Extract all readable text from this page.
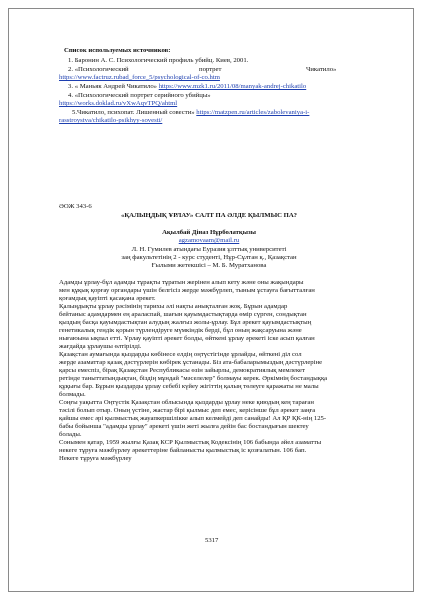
Список используемых источников:
1. Баронин А. С. Психологический профиль убийц. Киев, 2001.
2. «Психологический	портрет	Чикатило»
https://www.factruz.rubad_force_5/psychological-of-co.htm
3. « Маньяк Андрей Чикатило» https://www.mzk1.ru/2011/08/manyak-andrej-chikatilo
4. «Психологический портрет серийного убийцы»
https://works.doklad.ru/vXwAqvTPQ/ahtml
5.Чикатило, психопат. Лишенный совести» https://matzpen.ru/articles/zabolevaniya-i-
rasstroystva/chikatilo-psikhyy-sovesti/
ӘОЖ 343-6
«ҚАЛЫҢДЫҚ ҰРЛАУ» САЛТ ПА ӘЛДЕ ҚЫЛМЫС ПА?
Ақылбай Діназ Нұрболатқызы
agzamovaam@mail.ru
Л. Н. Гумилев атындағы Еуразия ұлттық университеті
заң факультетінің 2 - курс студенті, Нұр-Сұлтан қ., Қазақстан
Ғылыми жетекшісі – М. Б. Муратханова
Адамды ұрлау-бұл адамды тұрақты тұратын жерінен алып кету және оны жақындары
мен құқық қорғау органдары үшін белгісіз жерде мәжбүрлеп, тыным ұстауға бағытталған
қоғамдық қауіпті қасақана әрекет.
Қалыңдықты ұрлау рәсімінің тарихы әлі нақты анықталған жоқ. Бұрын адамдар
бейтаныс адамдармен ең араласпай, шағын қауымдастықтарда өмір сүрген, сондықтан
қыздың басқа қауымдастықтан алудың жалғыз жолы-ұрлау. Бұл әрекет қауымдастықтың
генетикалық гендік қорын түрлендіруге мүмкіндік берді, бұл оның жақсаруына және
нығаюына ықпал етті. Ұрлау қауіпті әрекет болды, өйткені ұрлау әрекеті іске асып қалған
жағдайда ұрлаушы өлтірілді.
Қазақстан аумағында қыздарды көбінесе елдің оңтүстігінде ұрлайды, өйткені діл сол
жерде азаматтар қазақ дәстүрлерін көбірек ұстанады. Біз ата-бабаларымыздың дәстүрлеріне
қарсы емеспіз, бірақ Қазақстан Республикасы өзін зайырлы, демократиялық мемлекет
ретінде таныттатындықтан, біздің мұндай "мәселелер" болмауы керек. Әркімнің бостандыққа
құқығы бар. Бұрын қыздарды ұрлау себебі күйеу жігіттің қалың төлеуге қаражаты не малы
болмады.
Соңғы уақытта Оңтүстік Қазақстан облысында қыздарды ұрлау неке қиюдың кең тараған
тәсілі болып отыр. Оның үстіне, жастар бірі қылмыс деп емес, керісінше бұл әрекет заңға
қайшы емес әрі қылмыстық жауапкершілікке алып келмейді деп санайды! Ал ҚР ҚК-нің 125-
бабы бойынша "адамды ұрлау" әрекеті үшін жеті жылға дейін бас бостандығын шектеу
болады.
Сонымен қатар, 1959 жылғы Қазақ КСР Қылмыстық Кодексінің 106 бабында әйел азаматты
некеге тұруға мәжбүрлеу әрекеттеріне байланысты қылмыстық іс қозғалатын. 106 бап.
Некеге тұруға мәжбүрлеу
5317
